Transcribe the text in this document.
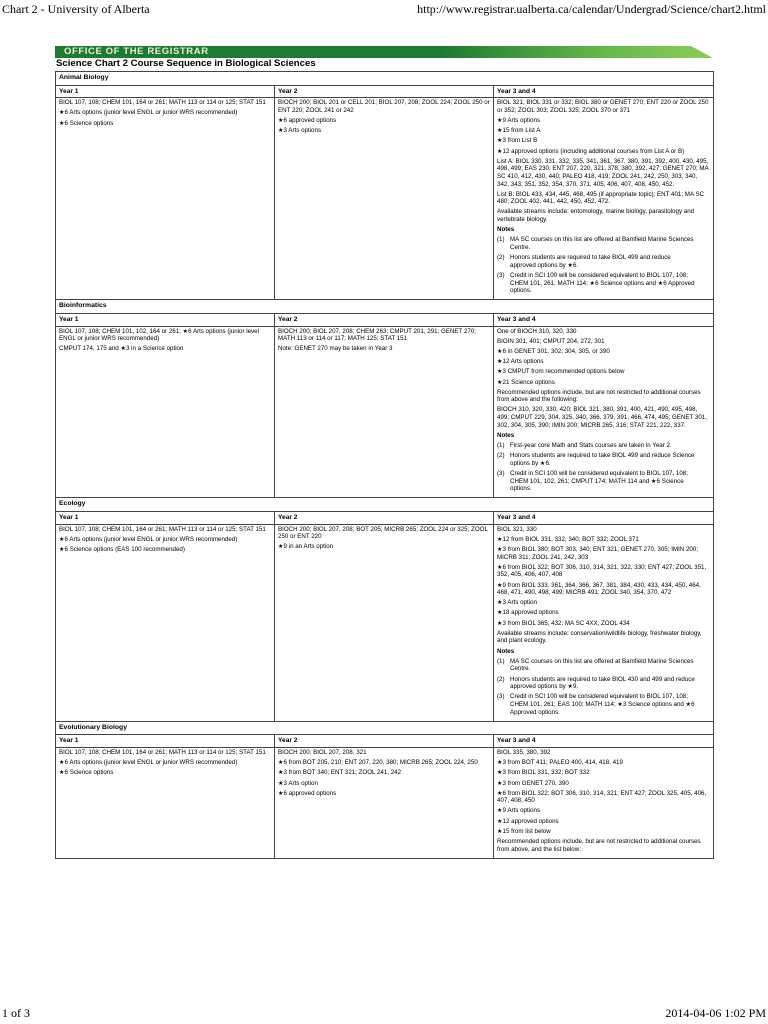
Chart 2 - University of Alberta	http://www.registrar.ualberta.ca/calendar/Undergrad/Science/chart2.html
OFFICE OF THE REGISTRAR
Science Chart 2 Course Sequence in Biological Sciences
Animal Biology
Year 1

BIOL 107, 108; CHEM 101, 164 or 261; MATH 113 or 114 or 125; STAT 151

★6 Arts options (junior level ENGL or junior WRS recommended)

★6 Science options

Year 2

BIOCH 200; BIOL 201 or CELL 201; BIOL 207, 208; ZOOL 224; ZOOL 250 or ENT 220; ZOOL 241 or 242

★6 approved options

★3 Arts options

Year 3 and 4

BIOL 321; BIOL 331 or 332; BIOL 380 or GENET 270; ENT 220 or ZOOL 250 or 352; ZOOL 303; ZOOL 325; ZOOL 370 or 371

★9 Arts options

★15 from List A

★3 from List B

★12 approved options (including additional courses from List A or B)

List A: BIOL 330, 331, 332, 335, 341, 361, 367, 380, 391, 392, 400, 430, 495, 498, 499; EAS 230; ENT 207, 220, 321, 378, 380, 392, 427; GENET 270; MA SC 410, 412, 430, 440; PALEO 418, 419; ZOOL 241, 242, 250, 303, 340, 342, 343, 351, 352, 354, 370, 371, 405, 406, 407, 408, 450, 452.

List B: BIOL 433, 434, 445, 468, 495 (if appropriate topic); ENT 401; MA SC 480; ZOOL 402, 441, 442, 450, 452, 472.

Available streams include: entomology, marine biology, parasitology and vertebrate biology.

Notes

(1) MA SC courses on this list are offered at Bamfield Marine Sciences Centre.
(2) Honors students are required to take BIOL 499 and reduce approved options by ★6.
(3) Credit in SCI 100 will be considered equivalent to BIOL 107, 108; CHEM 101, 261; MATH 114; ★6 Science options and ★6 Approved options.
Bioinformatics
Year 1

BIOL 107, 108; CHEM 101, 102, 164 or 261; ★6 Arts options (junior level ENGL or junior WRS recommended)

CMPUT 174, 175 and ★3 in a Science option

Year 2

BIOCH 200; BIOL 207, 208; CHEM 263; CMPUT 201, 291; GENET 270; MATH 113 or 114 or 117; MATH 125; STAT 151

Note: GENET 270 may be taken in Year 3

Year 3 and 4

One of BIOCH 310, 320, 330

BIOIN 301, 401; CMPUT 204, 272, 301

★6 in GENET 301, 302, 304, 305, or 390

★12 Arts options

★3 CMPUT from recommended options below

★21 Science options

Recommended options include, but are not restricted to additional courses from above and the following:

BIOCH 310, 320, 330, 420; BIOL 321, 380, 391, 400, 421, 490, 495, 498, 499; CMPUT 229, 304, 325, 340, 366, 379, 391, 466, 474, 495; GENET 301, 302, 304, 305, 390; IMIN 200; MICRB 265, 316; STAT 221, 222, 337.

Notes

(1) First-year core Math and Stats courses are taken in Year 2.
(2) Honors students are required to take BIOL 499 and reduce Science options by ★6.
(3) Credit in SCI 100 will be considered equivalent to BIOL 107, 108; CHEM 101, 102, 261; CMPUT 174; MATH 114 and ★6 Science options.
Ecology
Year 1

BIOL 107, 108; CHEM 101, 164 or 261; MATH 113 or 114 or 125; STAT 151

★6 Arts options (junior level ENGL or junior WRS recommended)

★6 Science options (EAS 100 recommended)

Year 2

BIOCH 200; BIOL 207, 208; BOT 205; MICRB 265; ZOOL 224 or 325; ZOOL 250 or ENT 220

★9 in an Arts option

Year 3 and 4

BIOL 321, 330

★12 from BIOL 331, 332, 340; BOT 332; ZOOL 371

★3 from BIOL 380; BOT 303, 340; ENT 321; GENET 270, 305; IMIN 200; MICRB 311; ZOOL 241, 242, 303

★6 from BIOL 322; BOT 306, 310, 314, 321, 322, 330; ENT 427; ZOOL 351, 352, 405, 406, 407, 408

★9 from BIOL 333, 361, 364, 366, 367, 381, 384, 430, 433, 434, 450, 464, 468, 471, 490, 498, 499; MICRB 491; ZOOL 340, 354, 370, 472

★3 Arts option

★18 approved options

★3 from BIOL 365, 432; MA SC 4XX, ZOOL 434

Available streams include: conservation/wildlife biology, freshwater biology, and plant ecology.

Notes

(1) MA SC courses on this list are offered at Bamfield Marine Sciences Centre.
(2) Honors students are required to take BIOL 430 and 499 and reduce approved options by ★9.
(3) Credit in SCI 100 will be considered equivalent to BIOL 107, 108; CHEM 101, 261; EAS 100; MATH 114; ★3 Science options and ★6 Approved options.
Evolutionary Biology
Year 1

BIOL 107, 108; CHEM 101, 164 or 261; MATH 113 or 114 or 125; STAT 151

★6 Arts options (junior level ENGL or junior WRS recommended)

★6 Science options

Year 2

BIOCH 200; BIOL 207, 208, 321

★6 from BOT 205, 210; ENT 207, 220, 380; MICRB 265; ZOOL 224, 250

★3 from BOT 340; ENT 321; ZOOL 241, 242

★3 Arts option

★6 approved options

Year 3 and 4

BIOL 335, 380, 392

★3 from BOT 411; PALEO 400, 414, 418, 419

★3 from BIOL 331, 332; BOT 332

★3 from GENET 270, 390

★6 from BIOL 322; BOT 306, 310, 314, 321; ENT 427; ZOOL 325, 405, 406, 407, 408, 450

★9 Arts options

★12 approved options

★15 from list below

Recommended options include, but are not restricted to additional courses from above, and the list below:

1 of 3	2014-04-06 1:02 PM
